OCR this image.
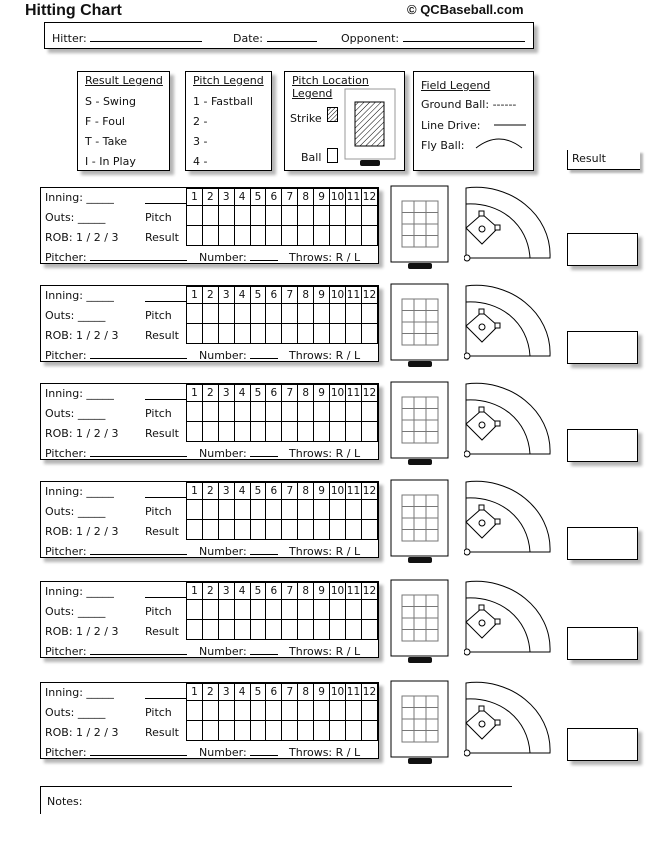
Hitting Chart	© QCBaseball.com
Hitter:	Date:	Opponent:
Result Legend
S - Swing
F - Foul
T - Take
I - In Play
Pitch Legend
1 - Fastball
2 -
3 -
4 -
Pitch Location
Legend
Strike
Ball
Field Legend
Ground Ball: ------
Line Drive:
Fly Ball:
Result
Inning: _____
Outs: _____
ROB: 1 / 2 / 3
Pitch
Result
Pitcher:	Number:	Throws: R / L
1	2	3	4	5	6	7	8	9	10	11	12

Inning: _____
Outs: _____
ROB: 1 / 2 / 3
Pitch
Result
Pitcher:	Number:	Throws: R / L
1	2	3	4	5	6	7	8	9	10	11	12

Inning: _____
Outs: _____
ROB: 1 / 2 / 3
Pitch
Result
Pitcher:	Number:	Throws: R / L
1	2	3	4	5	6	7	8	9	10	11	12

Inning: _____
Outs: _____
ROB: 1 / 2 / 3
Pitch
Result
Pitcher:	Number:	Throws: R / L
1	2	3	4	5	6	7	8	9	10	11	12

Inning: _____
Outs: _____
ROB: 1 / 2 / 3
Pitch
Result
Pitcher:	Number:	Throws: R / L
1	2	3	4	5	6	7	8	9	10	11	12

Inning: _____
Outs: _____
ROB: 1 / 2 / 3
Pitch
Result
Pitcher:	Number:	Throws: R / L
1	2	3	4	5	6	7	8	9	10	11	12

Notes:
